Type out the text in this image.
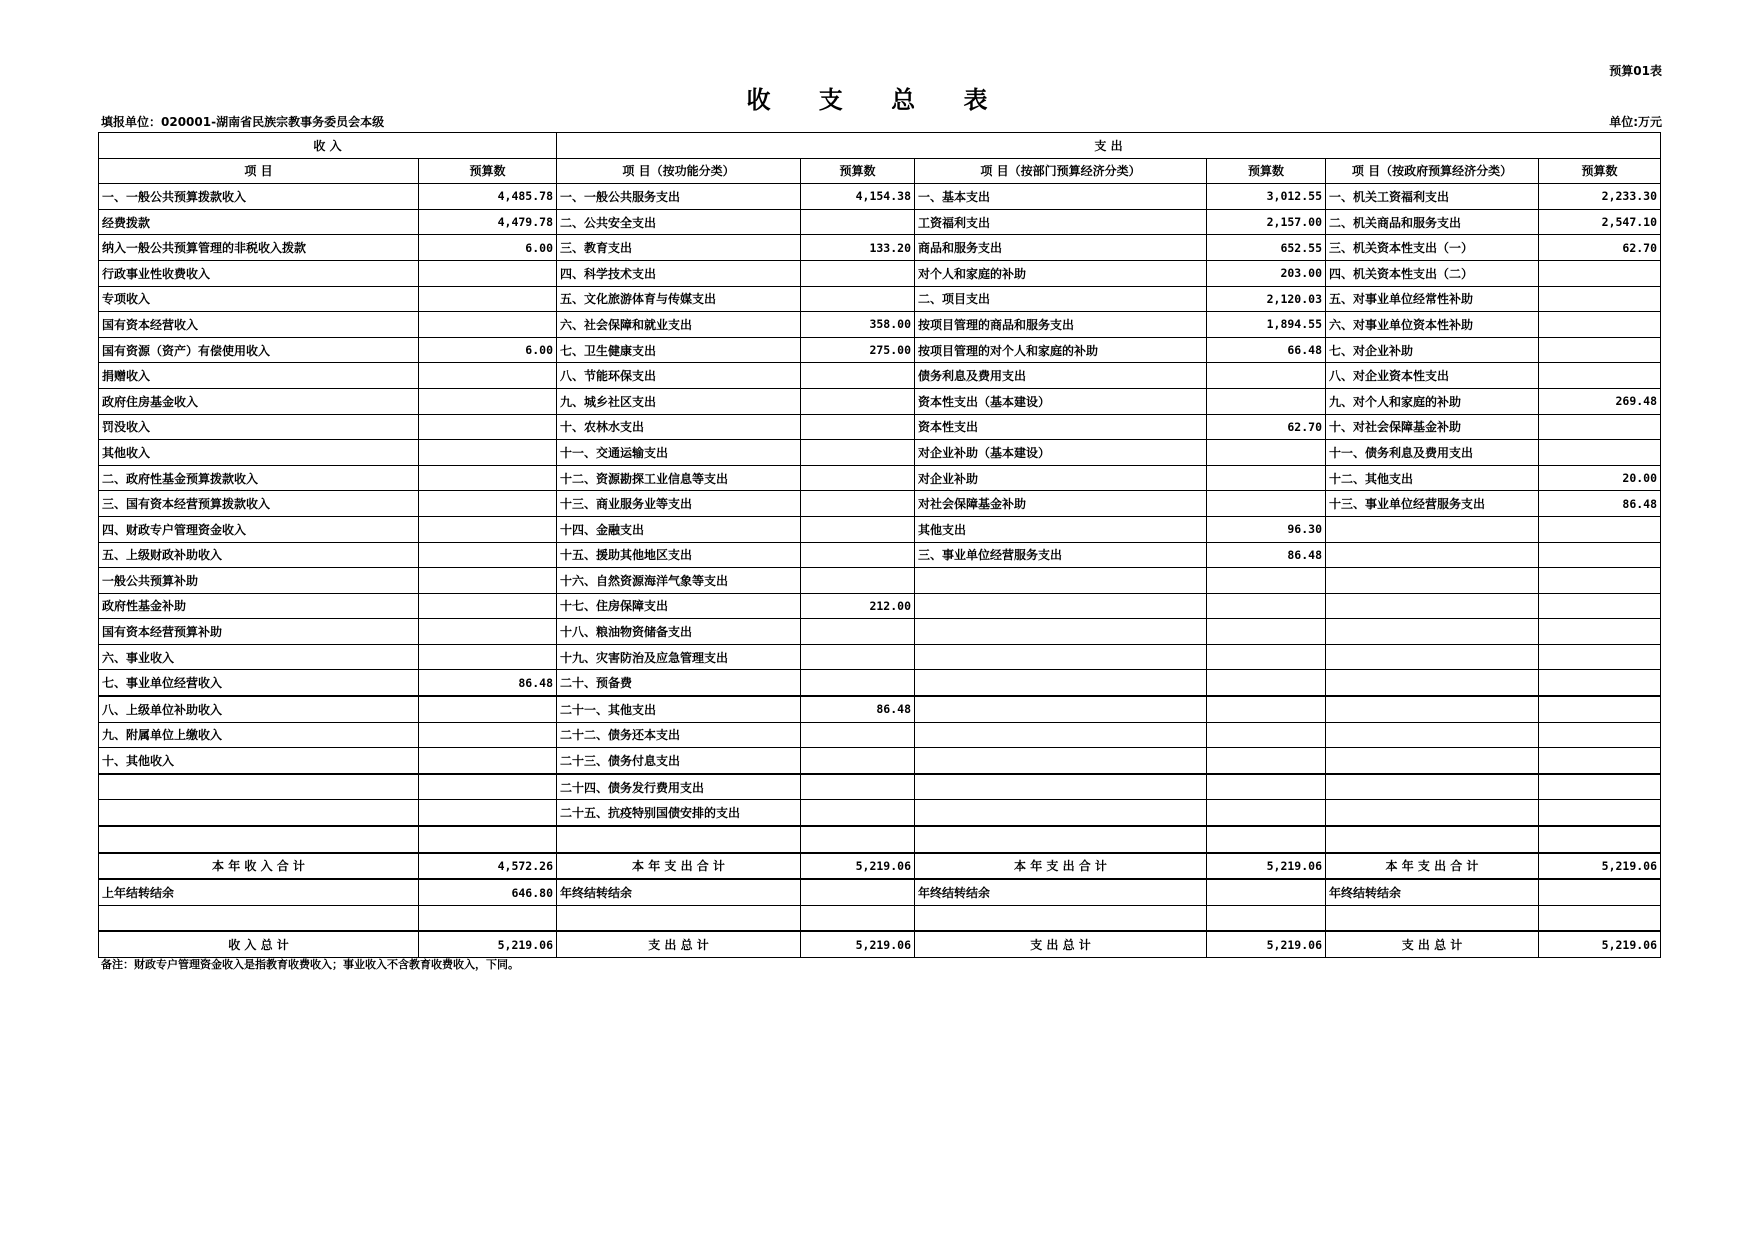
预算01表
收 支 总 表
填报单位：020001-湖南省民族宗教事务委员会本级	单位:万元
收 入		支 出					
项 目	预算数	项 目（按功能分类）	预算数	项 目（按部门预算经济分类）	预算数	项 目（按政府预算经济分类）	预算数
一、一般公共预算拨款收入	4,485.78	一、一般公共服务支出	4,154.38	一、基本支出	3,012.55	一、机关工资福利支出	2,233.30
经费拨款	4,479.78	二、公共安全支出		工资福利支出	2,157.00	二、机关商品和服务支出	2,547.10
纳入一般公共预算管理的非税收入拨款	6.00	三、教育支出	133.20	商品和服务支出	652.55	三、机关资本性支出（一）	62.70
行政事业性收费收入		四、科学技术支出		对个人和家庭的补助	203.00	四、机关资本性支出（二）	
专项收入		五、文化旅游体育与传媒支出		二、项目支出	2,120.03	五、对事业单位经常性补助	
国有资本经营收入		六、社会保障和就业支出	358.00	按项目管理的商品和服务支出	1,894.55	六、对事业单位资本性补助	
国有资源（资产）有偿使用收入	6.00	七、卫生健康支出	275.00	按项目管理的对个人和家庭的补助	66.48	七、对企业补助	
捐赠收入		八、节能环保支出		债务利息及费用支出		八、对企业资本性支出	
政府住房基金收入		九、城乡社区支出		资本性支出（基本建设）		九、对个人和家庭的补助	269.48
罚没收入		十、农林水支出		资本性支出	62.70	十、对社会保障基金补助	
其他收入		十一、交通运输支出		对企业补助（基本建设）		十一、债务利息及费用支出	
二、政府性基金预算拨款收入		十二、资源勘探工业信息等支出		对企业补助		十二、其他支出	20.00
三、国有资本经营预算拨款收入		十三、商业服务业等支出		对社会保障基金补助		十三、事业单位经营服务支出	86.48
四、财政专户管理资金收入		十四、金融支出		其他支出	96.30		
五、上级财政补助收入		十五、援助其他地区支出		三、事业单位经营服务支出	86.48		
一般公共预算补助		十六、自然资源海洋气象等支出					
政府性基金补助		十七、住房保障支出	212.00				
国有资本经营预算补助		十八、粮油物资储备支出					
六、事业收入		十九、灾害防治及应急管理支出					
七、事业单位经营收入	86.48	二十、预备费					
八、上级单位补助收入		二十一、其他支出	86.48				
九、附属单位上缴收入		二十二、债务还本支出					
十、其他收入		二十三、债务付息支出					
		二十四、债务发行费用支出					
		二十五、抗疫特别国债安排的支出					

本 年 收 入 合 计	4,572.26	本 年 支 出 合 计	5,219.06	本 年 支 出 合 计	5,219.06	本 年 支 出 合 计	5,219.06
上年结转结余	646.80	年终结转结余		年终结转结余		年终结转结余	

收 入 总 计	5,219.06	支 出 总 计	5,219.06	支 出 总 计	5,219.06	支 出 总 计	5,219.06
备注：财政专户管理资金收入是指教育收费收入；事业收入不含教育收费收入，下同。
